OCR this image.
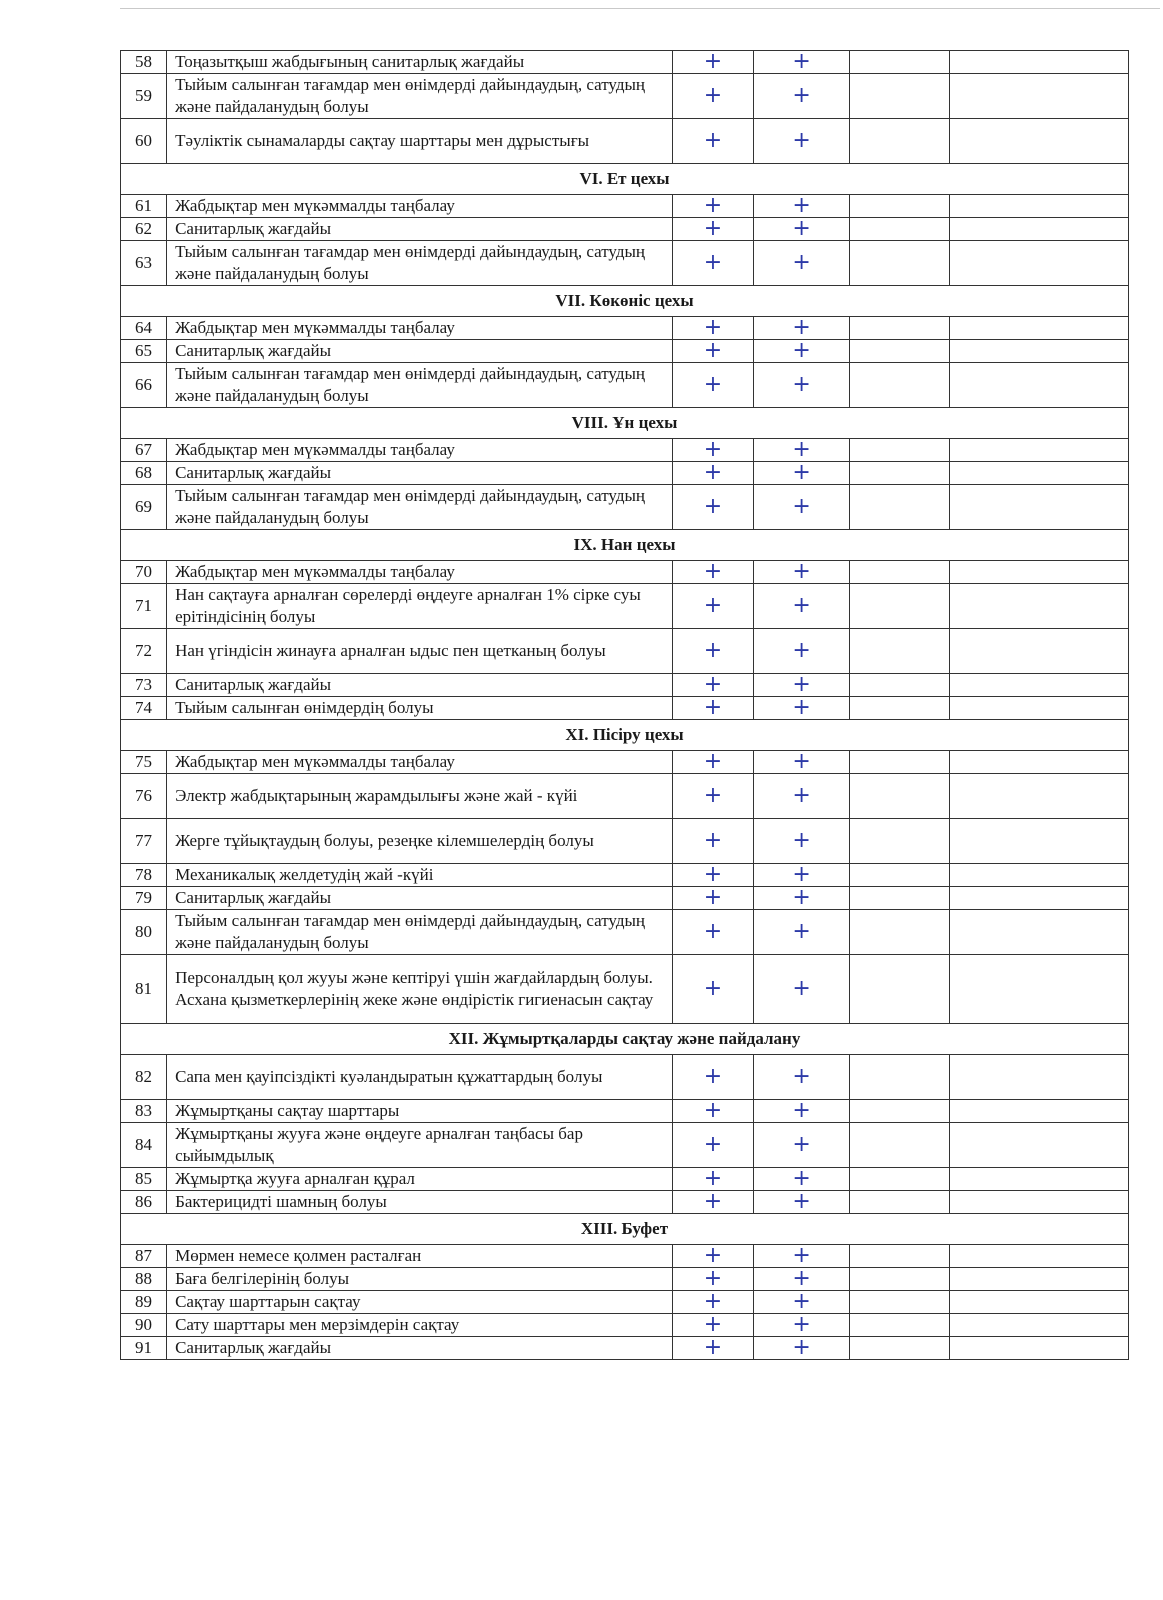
58	Тоңазытқыш жабдығының санитарлық жағдайы	+	+		
59	Тыйым салынған тағамдар мен өнімдерді дайындаудың, сатудың және пайдаланудың болуы	+	+		
60	Тәуліктік сынамаларды сақтау шарттары мен дұрыстығы	+	+		
VI. Ет цехы					
61	Жабдықтар мен мүкәммалды таңбалау	+	+		
62	Санитарлық жағдайы	+	+		
63	Тыйым салынған тағамдар мен өнімдерді дайындаудың, сатудың және пайдаланудың болуы	+	+		
VII. Көкөніс цехы					
64	Жабдықтар мен мүкәммалды таңбалау	+	+		
65	Санитарлық жағдайы	+	+		
66	Тыйым салынған тағамдар мен өнімдерді дайындаудың, сатудың және пайдаланудың болуы	+	+		
VIII. Ұн цехы					
67	Жабдықтар мен мүкәммалды таңбалау	+	+		
68	Санитарлық жағдайы	+	+		
69	Тыйым салынған тағамдар мен өнімдерді дайындаудың, сатудың және пайдаланудың болуы	+	+		
IX. Нан цехы					
70	Жабдықтар мен мүкәммалды таңбалау	+	+		
71	Нан сақтауға арналған сөрелерді өңдеуге арналған 1% сірке суы ерітіндісінің болуы	+	+		
72	Нан үгіндісін жинауға арналған ыдыс пен щетканың болуы	+	+		
73	Санитарлық жағдайы	+	+		
74	Тыйым салынған өнімдердің болуы	+	+		
XI. Пісіру цехы					
75	Жабдықтар мен мүкәммалды таңбалау	+	+		
76	Электр жабдықтарының жарамдылығы және жай - күйі	+	+		
77	Жерге тұйықтаудың болуы, резеңке кілемшелердің болуы	+	+		
78	Механикалық желдетудің жай -күйі	+	+		
79	Санитарлық жағдайы	+	+		
80	Тыйым салынған тағамдар мен өнімдерді дайындаудың, сатудың және пайдаланудың болуы	+	+		
81	Персоналдың қол жууы және кептіруі үшін жағдайлардың болуы. Асхана қызметкерлерінің жеке және өндірістік гигиенасын сақтау	+	+		
XII. Жұмыртқаларды сақтау және пайдалану					
82	Сапа мен қауіпсіздікті куәландыратын құжаттардың болуы	+	+		
83	Жұмыртқаны сақтау шарттары	+	+		
84	Жұмыртқаны жууға және өңдеуге арналған таңбасы бар сыйымдылық	+	+		
85	Жұмыртқа жууға арналған құрал	+	+		
86	Бактерицидті шамның болуы	+	+		
XIII. Буфет					
87	Мөрмен немесе қолмен расталған	+	+		
88	Баға белгілерінің болуы	+	+		
89	Сақтау шарттарын сақтау	+	+		
90	Сату шарттары мен мерзімдерін сақтау	+	+		
91	Санитарлық жағдайы	+	+		
